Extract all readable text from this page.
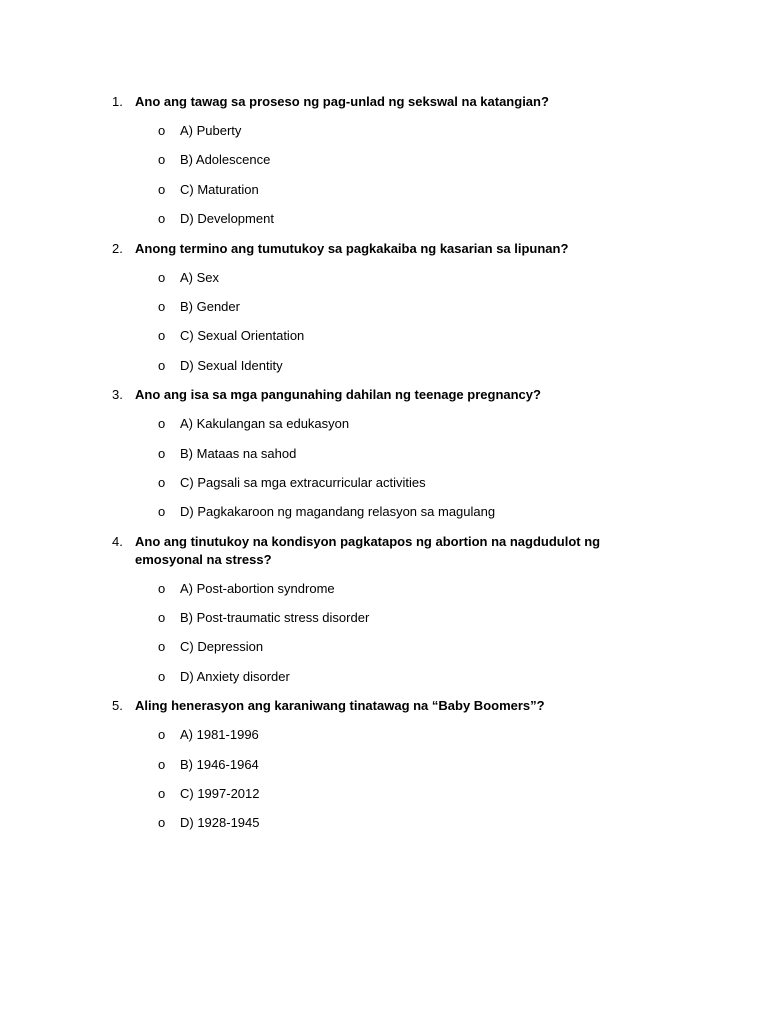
1. Ano ang tawag sa proseso ng pag-unlad ng sekswal na katangian?
o A) Puberty
o B) Adolescence
o C) Maturation
o D) Development
2. Anong termino ang tumutukoy sa pagkakaiba ng kasarian sa lipunan?
o A) Sex
o B) Gender
o C) Sexual Orientation
o D) Sexual Identity
3. Ano ang isa sa mga pangunahing dahilan ng teenage pregnancy?
o A) Kakulangan sa edukasyon
o B) Mataas na sahod
o C) Pagsali sa mga extracurricular activities
o D) Pagkakaroon ng magandang relasyon sa magulang
4. Ano ang tinutukoy na kondisyon pagkatapos ng abortion na nagdudulot ng emosyonal na stress?
o A) Post-abortion syndrome
o B) Post-traumatic stress disorder
o C) Depression
o D) Anxiety disorder
5. Aling henerasyon ang karaniwang tinatawag na “Baby Boomers”?
o A) 1981-1996
o B) 1946-1964
o C) 1997-2012
o D) 1928-1945
